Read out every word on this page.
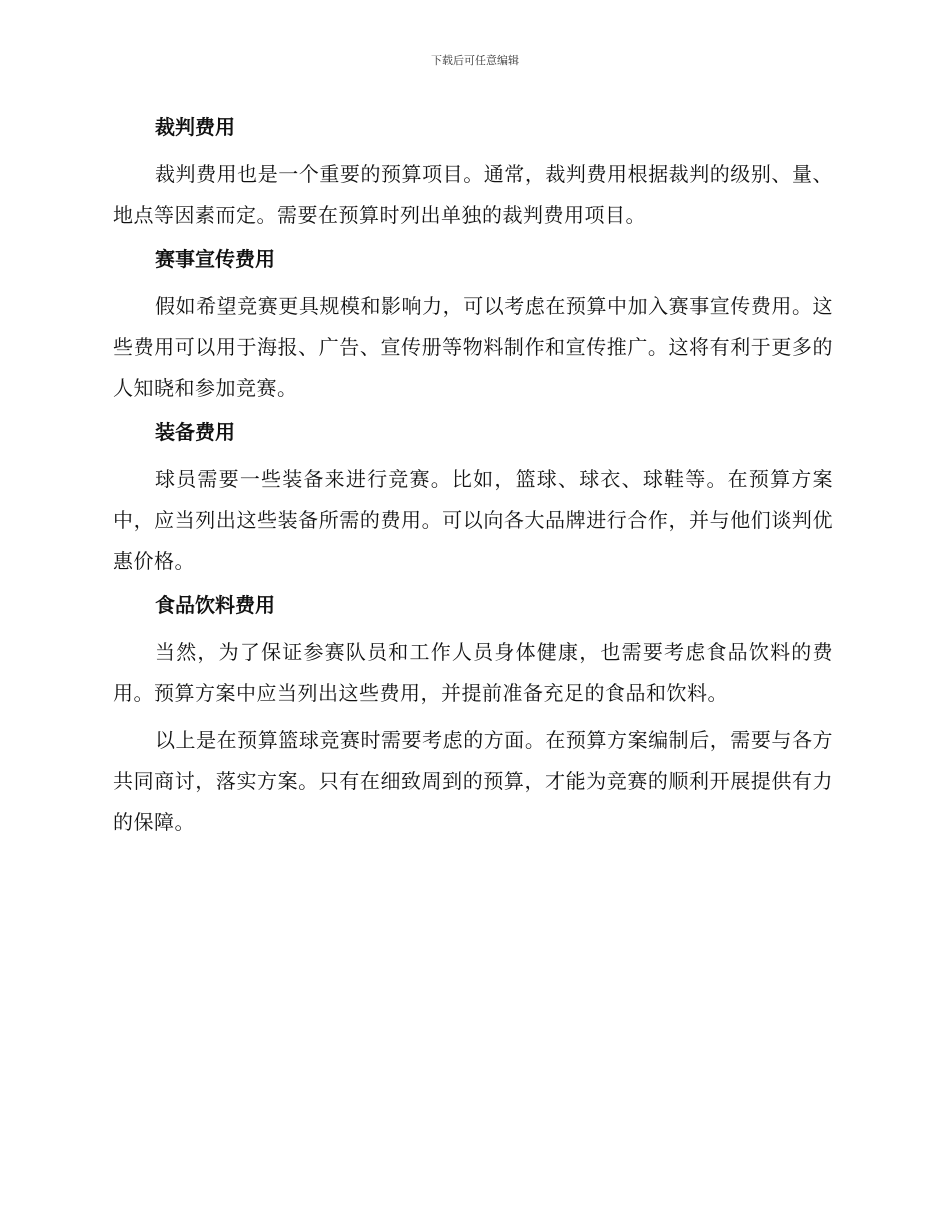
下载后可任意编辑
裁判费用

裁判费用也是一个重要的预算项目。通常，裁判费用根据裁判的级别、量、地点等因素而定。需要在预算时列出单独的裁判费用项目。

赛事宣传费用

假如希望竞赛更具规模和影响力，可以考虑在预算中加入赛事宣传费用。这些费用可以用于海报、广告、宣传册等物料制作和宣传推广。这将有利于更多的人知晓和参加竞赛。

装备费用

球员需要一些装备来进行竞赛。比如，篮球、球衣、球鞋等。在预算方案中，应当列出这些装备所需的费用。可以向各大品牌进行合作，并与他们谈判优惠价格。

食品饮料费用

当然，为了保证参赛队员和工作人员身体健康，也需要考虑食品饮料的费用。预算方案中应当列出这些费用，并提前准备充足的食品和饮料。

以上是在预算篮球竞赛时需要考虑的方面。在预算方案编制后，需要与各方共同商讨，落实方案。只有在细致周到的预算，才能为竞赛的顺利开展提供有力的保障。
